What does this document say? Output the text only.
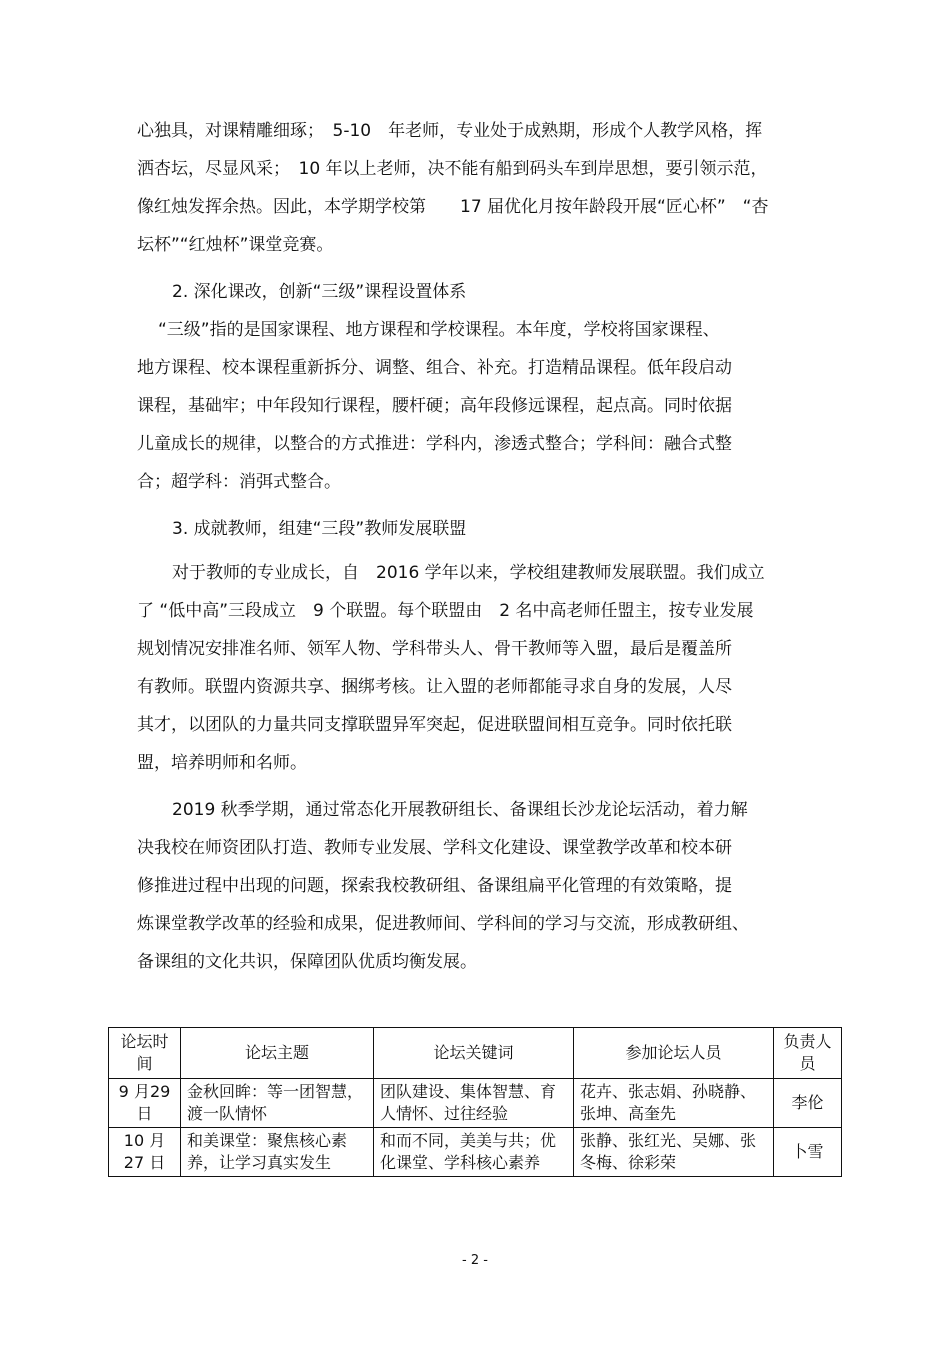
心独具，对课精雕细琢；　5-10　年老师，专业处于成熟期，形成个人教学风格，挥

洒杏坛，尽显风采；　10 年以上老师，决不能有船到码头车到岸思想，要引领示范，

像红烛发挥余热。因此，本学期学校第　　17 届优化月按年龄段开展“匠心杯”　“杏

坛杯”“红烛杯”课堂竞赛。

2. 深化课改，创新“三级”课程设置体系

“三级”指的是国家课程、地方课程和学校课程。本年度，学校将国家课程、

地方课程、校本课程重新拆分、调整、组合、补充。打造精品课程。低年段启动

课程，基础牢；中年段知行课程，腰杆硬；高年段修远课程，起点高。同时依据

儿童成长的规律，以整合的方式推进：学科内，渗透式整合；学科间：融合式整

合；超学科：消弭式整合。

3. 成就教师，组建“三段”教师发展联盟

对于教师的专业成长，自　2016 学年以来，学校组建教师发展联盟。我们成立

了 “低中高”三段成立　9 个联盟。每个联盟由　2 名中高老师任盟主，按专业发展

规划情况安排准名师、领军人物、学科带头人、骨干教师等入盟，最后是覆盖所

有教师。联盟内资源共享、捆绑考核。让入盟的老师都能寻求自身的发展，人尽

其才，以团队的力量共同支撑联盟异军突起，促进联盟间相互竞争。同时依托联

盟，培养明师和名师。

2019 秋季学期，通过常态化开展教研组长、备课组长沙龙论坛活动，着力解

决我校在师资团队打造、教师专业发展、学科文化建设、课堂教学改革和校本研

修推进过程中出现的问题，探索我校教研组、备课组扁平化管理的有效策略，提

炼课堂教学改革的经验和成果，促进教师间、学科间的学习与交流，形成教研组、

备课组的文化共识，保障团队优质均衡发展。

论坛时间	论坛主题	论坛关键词	参加论坛人员	负责人员
9 月29 日	金秋回眸：等一团智慧，渡一队情怀	团队建设、集体智慧、育人情怀、过往经验	花卉、张志娟、孙晓静、张坤、高奎先	李伦
10 月27 日	和美课堂：聚焦核心素养，让学习真实发生	和而不同，美美与共；优化课堂、学科核心素养	张静、张红光、吴娜、张冬梅、徐彩荣	卜雪
- 2 -
